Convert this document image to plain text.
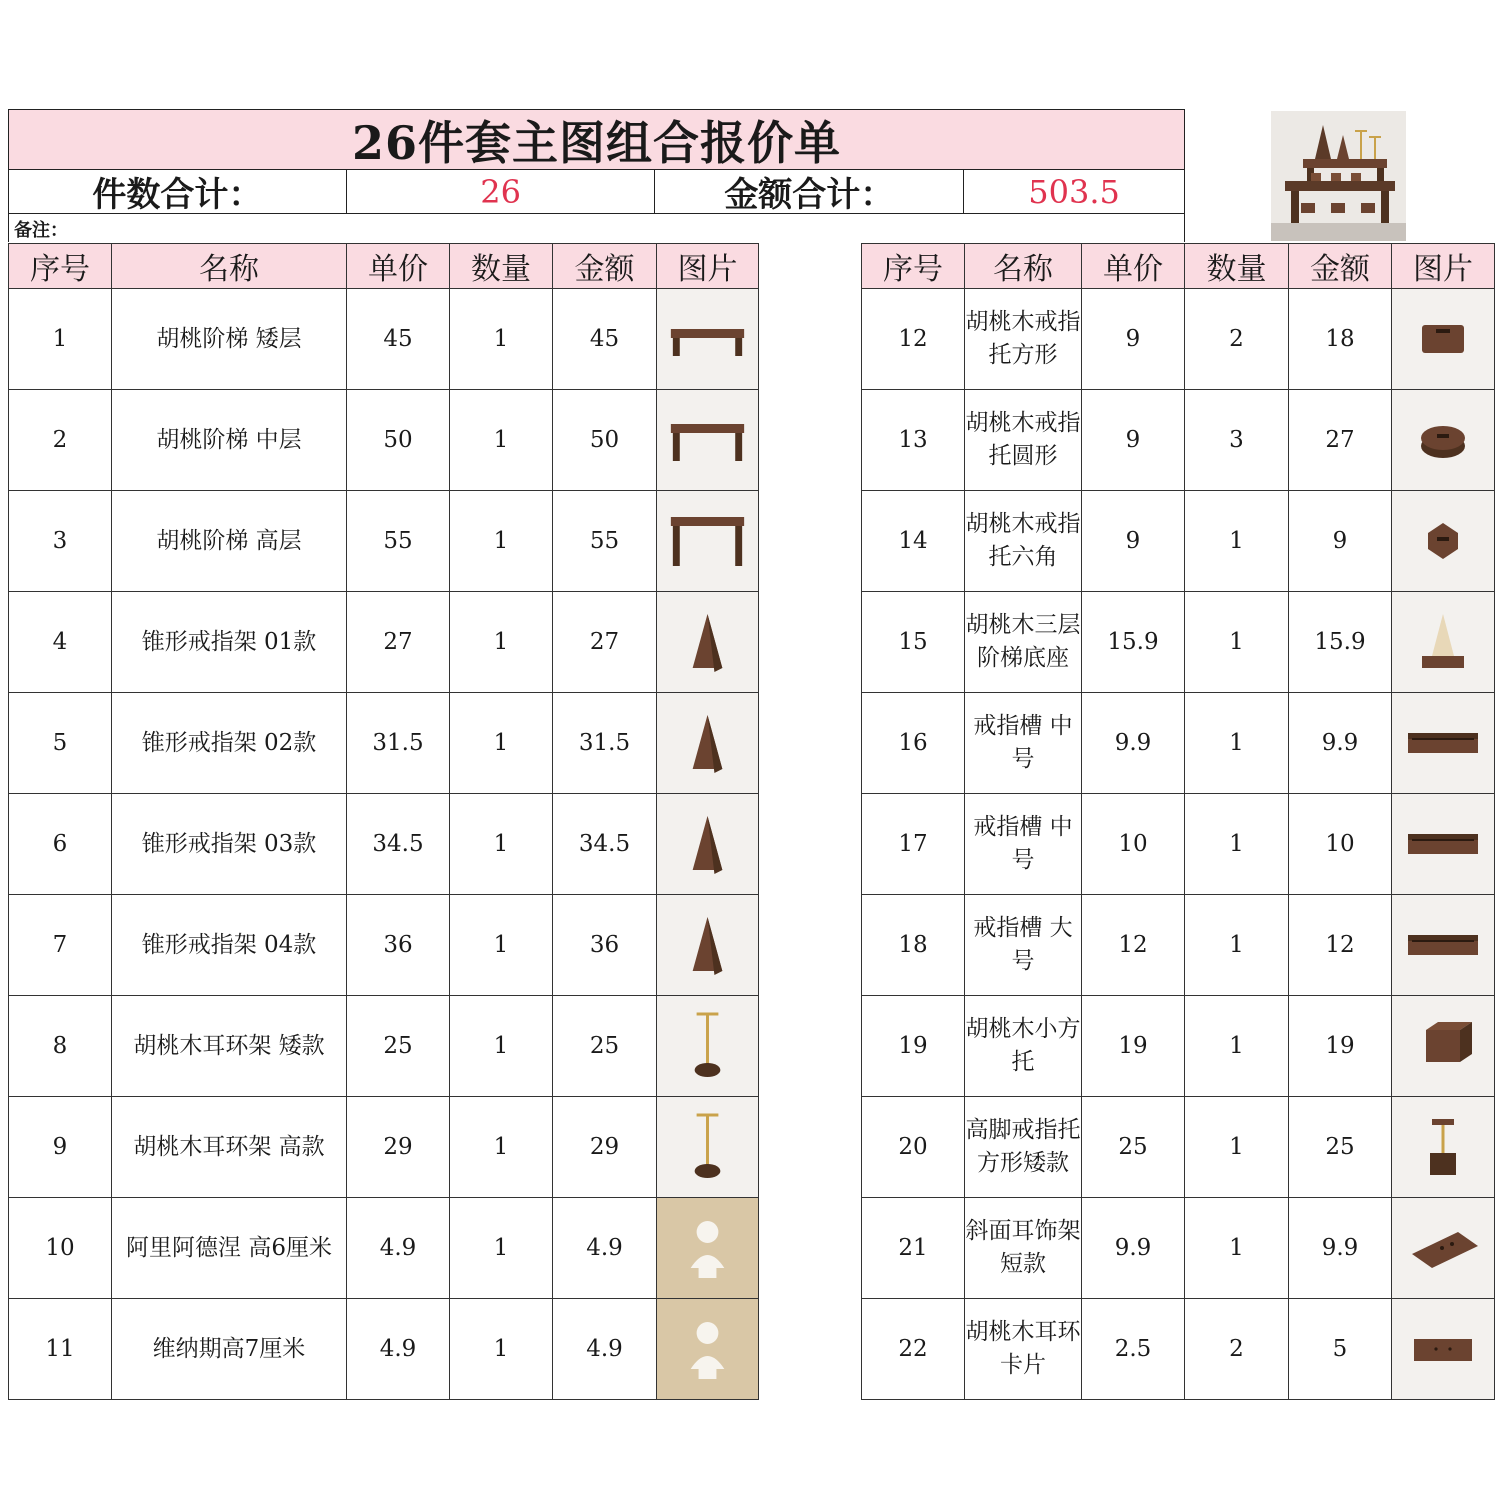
26件套主图组合报价单
件数合计：	26	金额合计：	503.5
备注：
序号	名称	单价	数量	金额	图片
1	胡桃阶梯 矮层	45	1	45	

2	胡桃阶梯 中层	50	1	50	

3	胡桃阶梯 高层	55	1	55	

4	锥形戒指架 01款	27	1	27	

5	锥形戒指架 02款	31.5	1	31.5	

6	锥形戒指架 03款	34.5	1	34.5	

7	锥形戒指架 04款	36	1	36	

8	胡桃木耳环架 矮款	25	1	25	

9	胡桃木耳环架 高款	29	1	29	

10	阿里阿德涅 高6厘米	4.9	1	4.9	

11	维纳期高7厘米	4.9	1	4.9	
序号	名称	单价	数量	金额	图片
12	胡桃木戒指托方形	9	2	18	

13	胡桃木戒指托圆形	9	3	27	

14	胡桃木戒指托六角	9	1	9	

15	胡桃木三层阶梯底座	15.9	1	15.9	

16	戒指槽 中号	9.9	1	9.9	

17	戒指槽 中号	10	1	10	

18	戒指槽 大号	12	1	12	

19	胡桃木小方托	19	1	19	

20	高脚戒指托方形矮款	25	1	25	

21	斜面耳饰架 短款	9.9	1	9.9	

22	胡桃木耳环卡片	2.5	2	5	
